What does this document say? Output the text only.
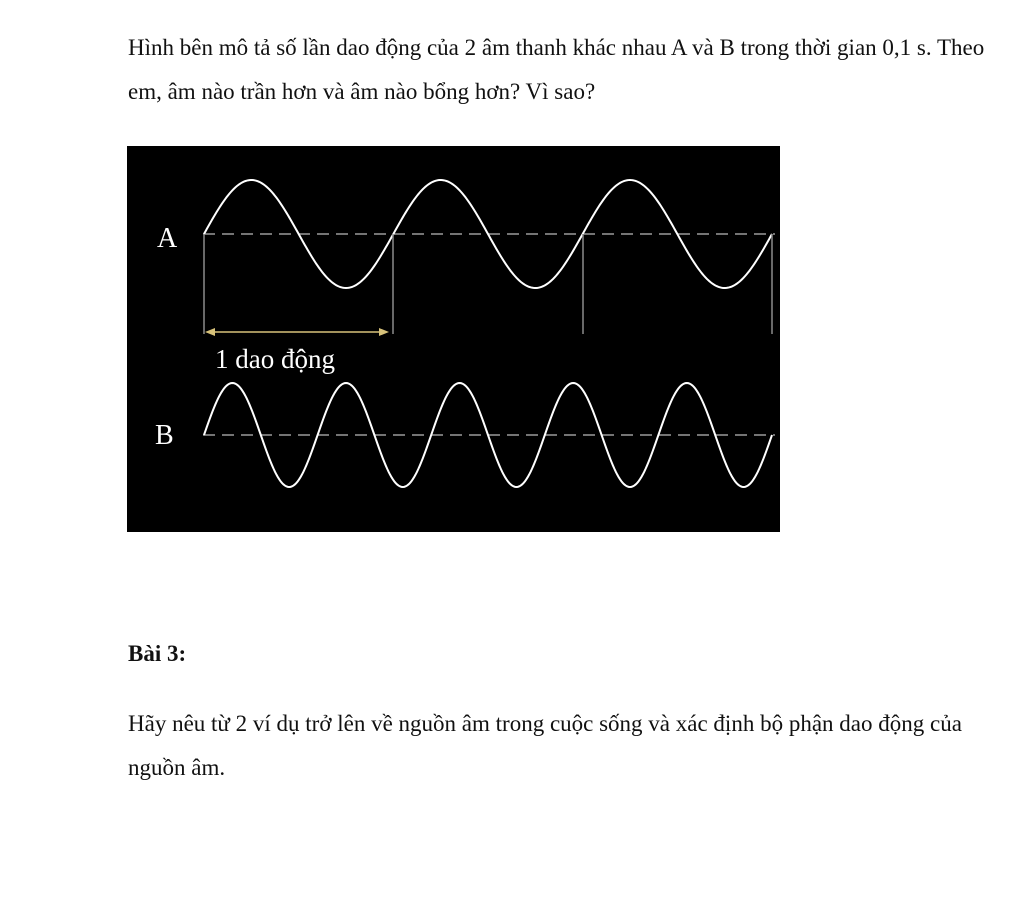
Hình bên mô tả số lần dao động của 2 âm thanh khác nhau A và B trong thời gian 0,1 s. Theo em, âm nào trần hơn và âm nào bổng hơn? Vì sao?

A
1 dao động
B

Bài 3:

Hãy nêu từ 2 ví dụ trở lên về nguồn âm trong cuộc sống và xác định bộ phận dao động của nguồn âm.
